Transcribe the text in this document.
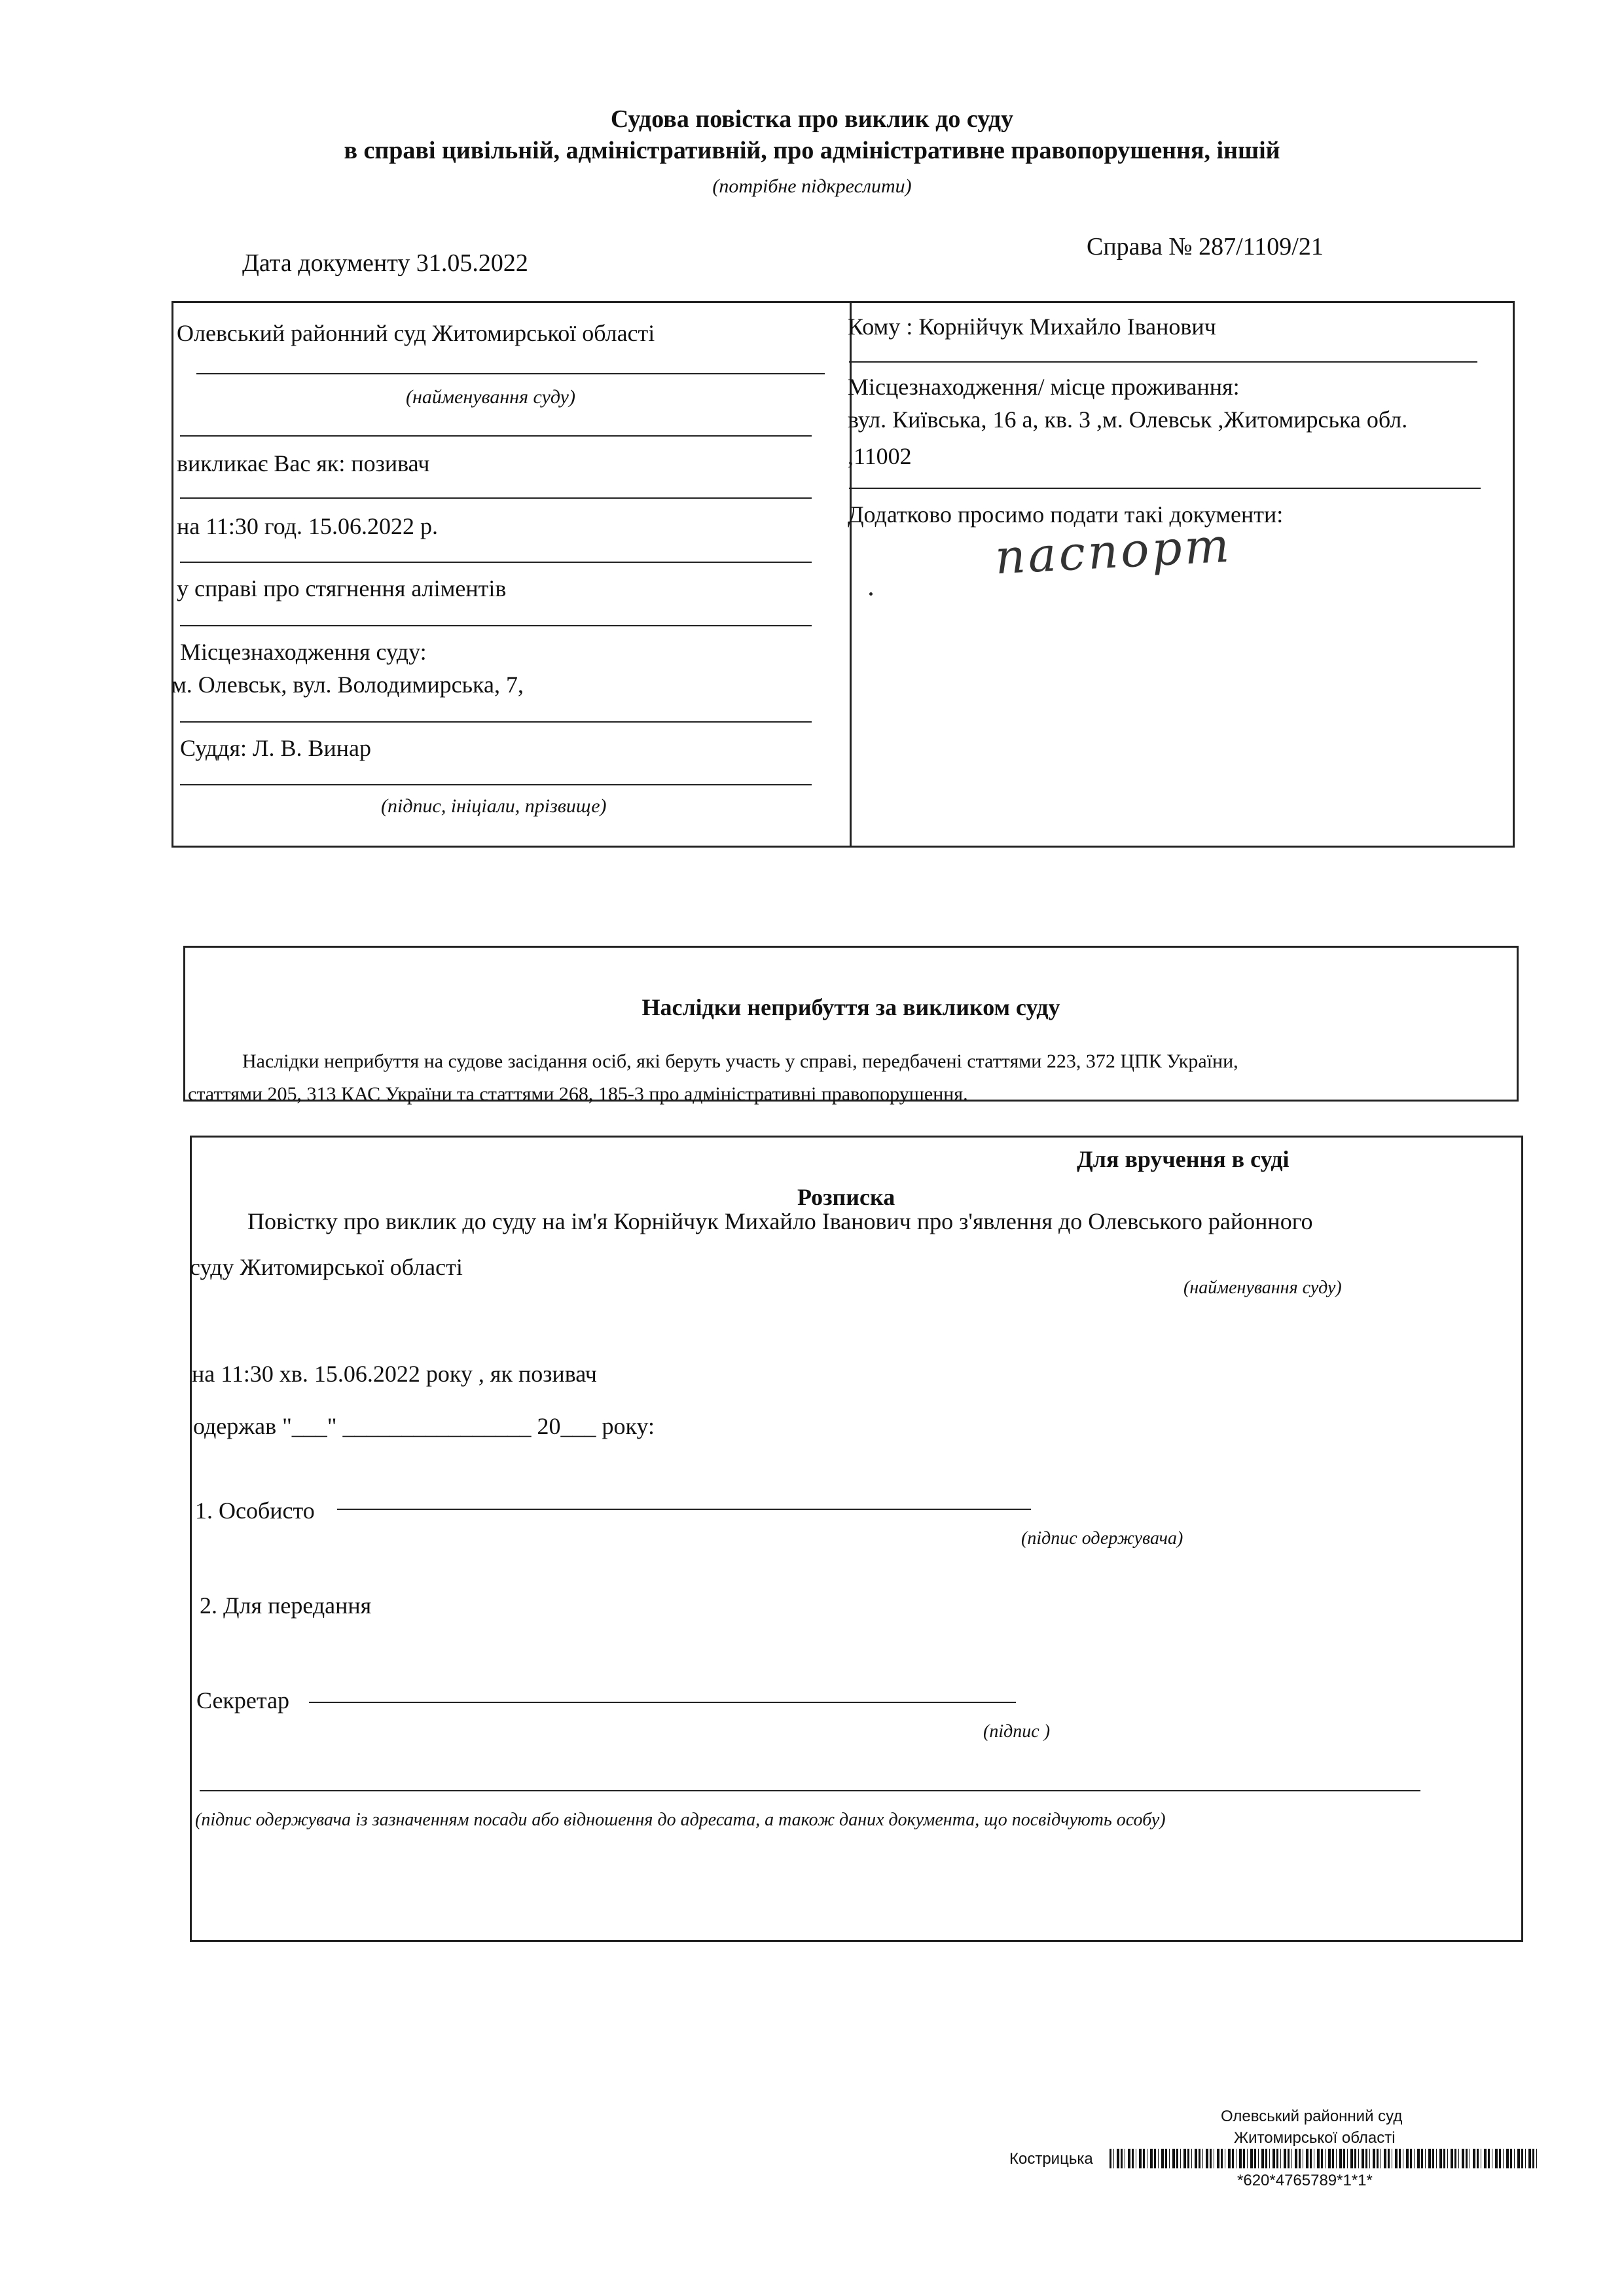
Судова повістка про виклик до суду
в справі цивільній, адміністративній, про адміністративне правопорушення, іншій
(потрібне підкреслити)
Дата документу 31.05.2022
Справа № 287/1109/21
Олевський районний суд Житомирської області
(найменування суду)
викликає Вас як: позивач
на 11:30 год. 15.06.2022 р.
у справі про стягнення аліментів
Місцезнаходження суду:
м. Олевськ, вул. Володимирська, 7,
Суддя: Л. В. Винар
(підпис, ініціали, прізвище)
Кому : Корнійчук Михайло Іванович
Місцезнаходження/ місце проживання:
вул. Київська, 16 а, кв. 3 ,м. Олевськ ,Житомирська обл.
,11002
Додатково просимо подати такі документи:
паспорт
Наслідки неприбуття за викликом суду
Наслідки неприбуття на судове засідання осіб, які беруть участь у справі, передбачені статтями 223, 372 ЦПК України,
статтями 205, 313 КАС України та статтями 268, 185-3 про адміністративні правопорушення.
Для вручення в суді
Розписка
Повістку про виклик до суду на ім'я Корнійчук Михайло Іванович про з'явлення до Олевського районного
суду Житомирської області
(найменування суду)
на 11:30 хв. 15.06.2022 року , як позивач
одержав "___" ________________ 20___ року:
1. Особисто
(підпис одержувача)
2. Для передання
Секретар
(підпис )
(підпис одержувача із зазначенням посади або відношення до адресата, а також даних документа, що посвідчують особу)
Олевський районний суд
Житомирської області
Кострицька
*620*4765789*1*1*
